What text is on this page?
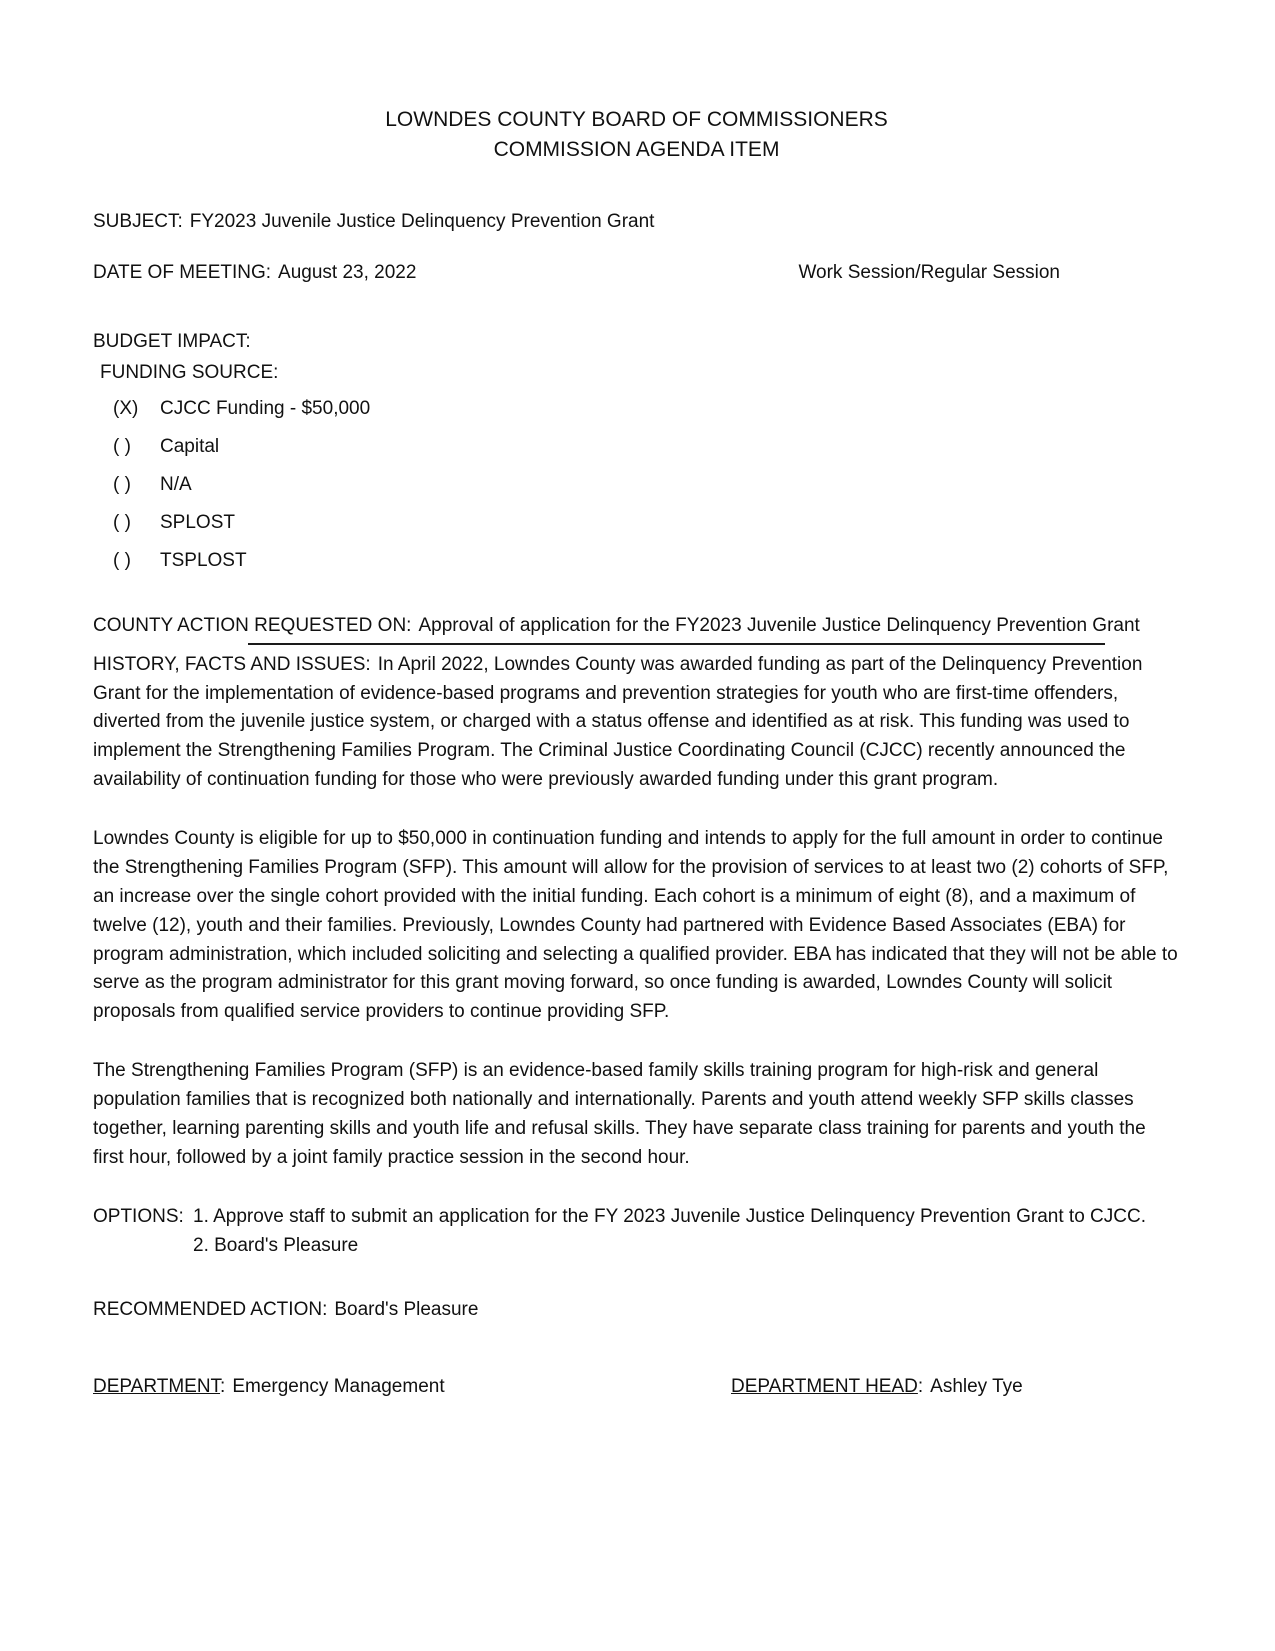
LOWNDES COUNTY BOARD OF COMMISSIONERS
COMMISSION AGENDA ITEM

SUBJECT: FY2023 Juvenile Justice Delinquency Prevention Grant

DATE OF MEETING: August 23, 2022	Work Session/Regular Session

BUDGET IMPACT:

FUNDING SOURCE:

(X)	CJCC Funding - $50,000
( )	Capital
( )	N/A
( )	SPLOST
( )	TSPLOST

COUNTY ACTION REQUESTED ON: Approval of application for the FY2023 Juvenile Justice Delinquency Prevention Grant

HISTORY, FACTS AND ISSUES: In April 2022, Lowndes County was awarded funding as part of the Delinquency Prevention Grant for the implementation of evidence-based programs and prevention strategies for youth who are first-time offenders, diverted from the juvenile justice system, or charged with a status offense and identified as at risk. This funding was used to implement the Strengthening Families Program. The Criminal Justice Coordinating Council (CJCC) recently announced the availability of continuation funding for those who were previously awarded funding under this grant program.

Lowndes County is eligible for up to $50,000 in continuation funding and intends to apply for the full amount in order to continue the Strengthening Families Program (SFP). This amount will allow for the provision of services to at least two (2) cohorts of SFP, an increase over the single cohort provided with the initial funding. Each cohort is a minimum of eight (8), and a maximum of twelve (12), youth and their families. Previously, Lowndes County had partnered with Evidence Based Associates (EBA) for program administration, which included soliciting and selecting a qualified provider. EBA has indicated that they will not be able to serve as the program administrator for this grant moving forward, so once funding is awarded, Lowndes County will solicit proposals from qualified service providers to continue providing SFP.

The Strengthening Families Program (SFP) is an evidence-based family skills training program for high-risk and general population families that is recognized both nationally and internationally. Parents and youth attend weekly SFP skills classes together, learning parenting skills and youth life and refusal skills. They have separate class training for parents and youth the first hour, followed by a joint family practice session in the second hour.

OPTIONS: 1. Approve staff to submit an application for the FY 2023 Juvenile Justice Delinquency Prevention Grant to CJCC.
2. Board's Pleasure

RECOMMENDED ACTION: Board's Pleasure

DEPARTMENT: Emergency Management	DEPARTMENT HEAD: Ashley Tye
